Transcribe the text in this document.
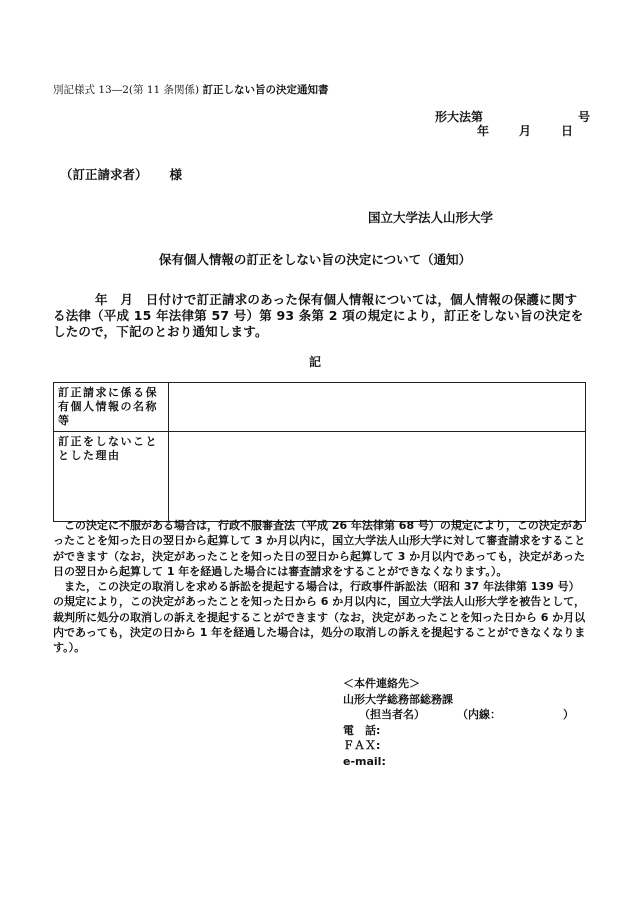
別記様式 13―2(第 11 条関係) 訂正しない旨の決定通知書
形大法第	号
年	月	日
（訂正請求者） 様
国立大学法人山形大学
保有個人情報の訂正をしない旨の決定について（通知）
年　月　日付けで訂正請求のあった保有個人情報については，個人情報の保護に関する法律（平成 15 年法律第 57 号）第 93 条第 2 項の規定により，訂正をしない旨の決定をしたので，下記のとおり通知します。
記
訂正請求に係る保有個人情報の名称等	
訂正をしないこととした理由	

この決定に不服がある場合は，行政不服審査法（平成 26 年法律第 68 号）の規定により，この決定があったことを知った日の翌日から起算して 3 か月以内に，国立大学法人山形大学に対して審査請求をすることができます（なお，決定があったことを知った日の翌日から起算して 3 か月以内であっても，決定があった日の翌日から起算して 1 年を経過した場合には審査請求をすることができなくなります。）。

また，この決定の取消しを求める訴訟を提起する場合は，行政事件訴訟法（昭和 37 年法律第 139 号）の規定により，この決定があったことを知った日から 6 か月以内に，国立大学法人山形大学を被告として，裁判所に処分の取消しの訴えを提起することができます（なお，決定があったことを知った日から 6 か月以内であっても，決定の日から 1 年を経過した場合は，処分の取消しの訴えを提起することができなくなります。）。

＜本件連絡先＞
山形大学総務部総務課
（担当者名）	（内線：	）
電　話:
ＦＡＸ:
e-mail:
